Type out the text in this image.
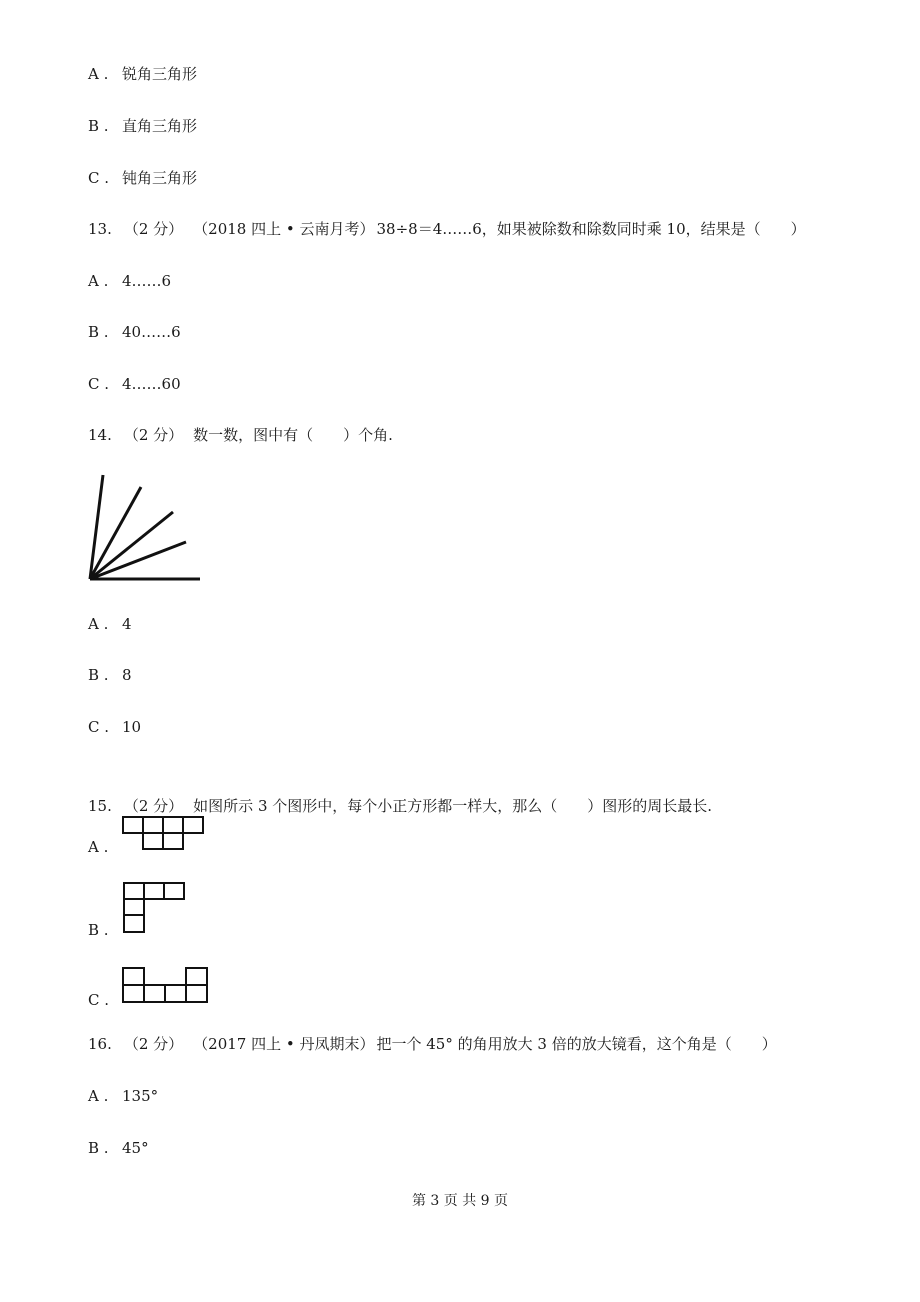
A . 锐角三角形
B . 直角三角形
C . 钝角三角形
13. （2 分） （2018 四上 • 云南月考） 38÷8＝4……6，如果被除数和除数同时乘 10，结果是（　　）
A . 4……6
B . 40……6
C . 4……60
14. （2 分） 数一数，图中有（　　）个角.
A . 4
B . 8
C . 10
15. （2 分） 如图所示 3 个图形中，每个小正方形都一样大，那么（　　）图形的周长最长.
A .
B .
C .
16. （2 分） （2017 四上 • 丹凤期末） 把一个 45° 的角用放大 3 倍的放大镜看，这个角是（　　）
A . 135°
B . 45°
第 3 页 共 9 页
